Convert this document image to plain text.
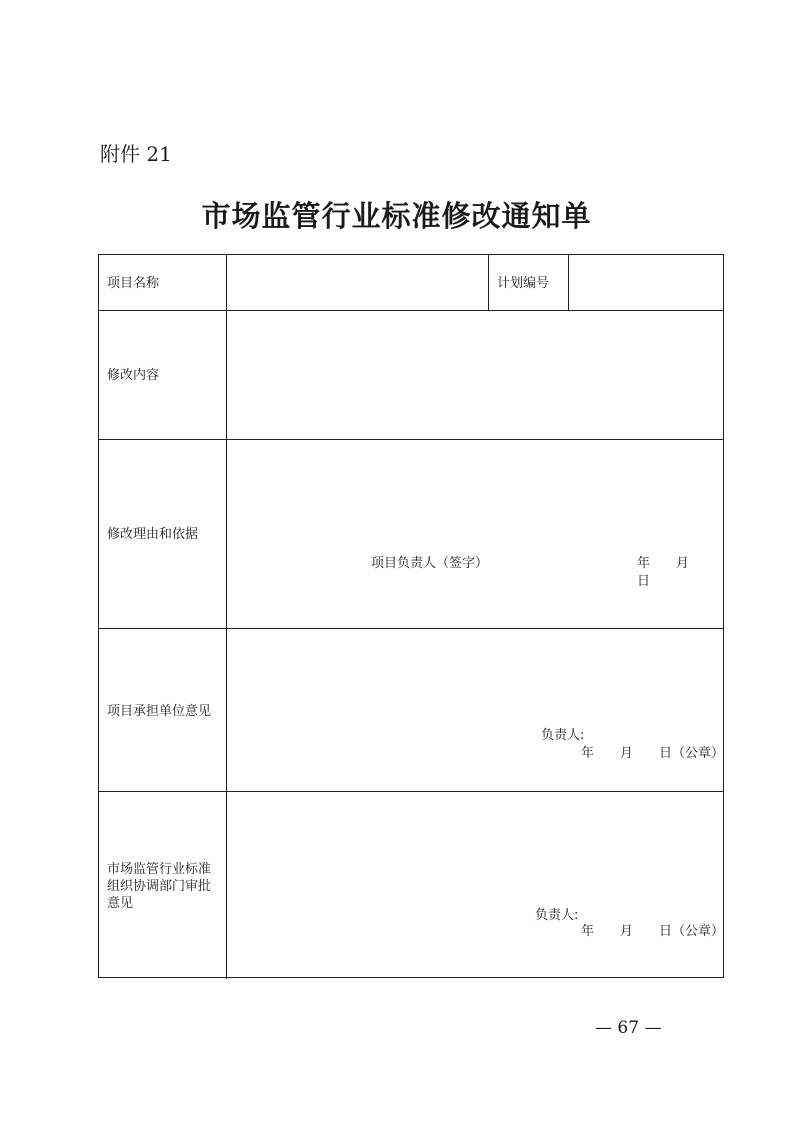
附件 21
市场监管行业标准修改通知单
项目名称	计划编号
修改内容
修改理由和依据
项目负责人（签字）	年　　月　　日
项目承担单位意见
负责人:
年　　月　　日（公章）
市场监管行业标准
组织协调部门审批
意见
负责人:
年　　月　　日（公章）
— 67 —
